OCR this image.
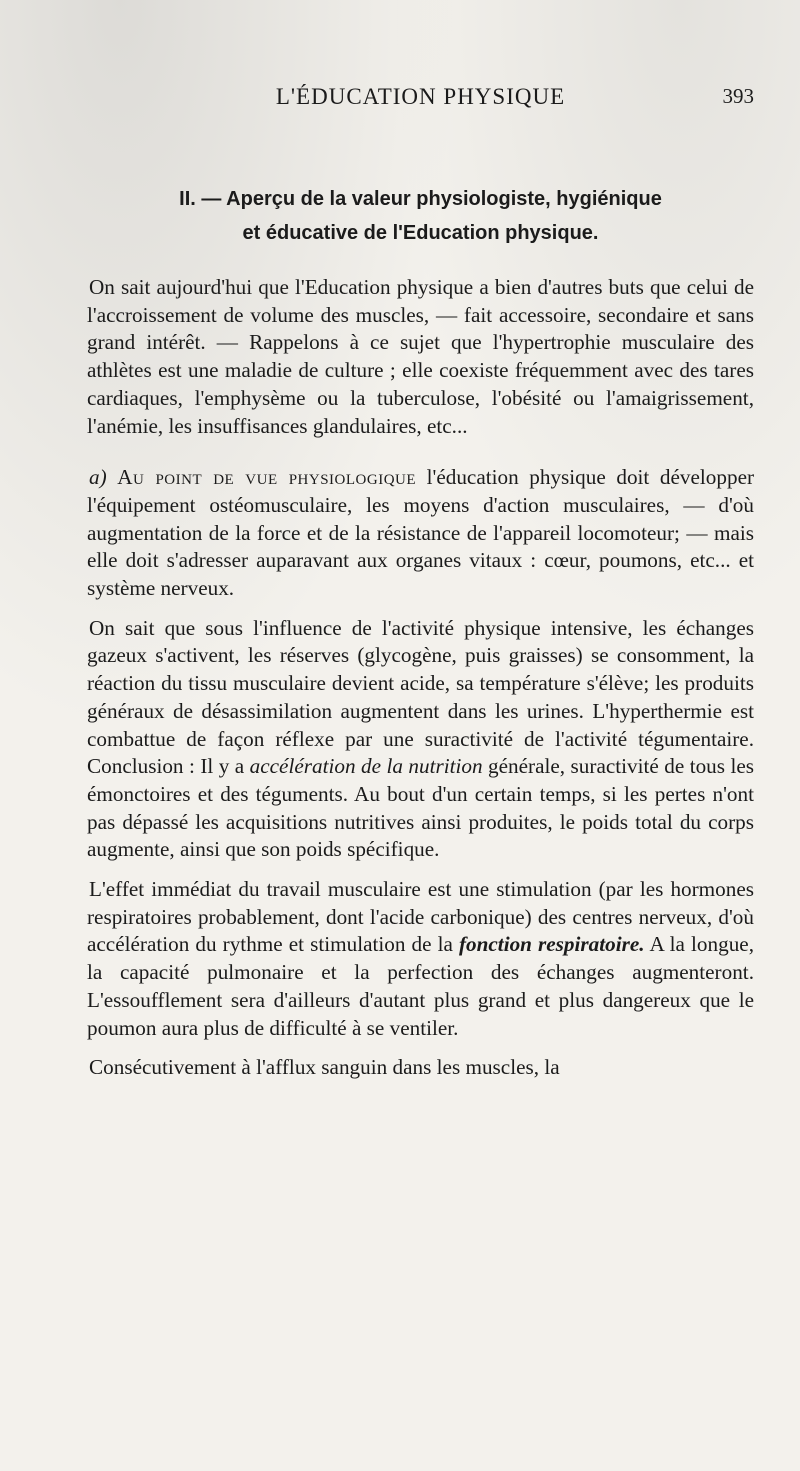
L'ÉDUCATION PHYSIQUE	393
II. — Aperçu de la valeur physiologiste, hygiénique
et éducative de l'Education physique.

On sait aujourd'hui que l'Education physique a bien d'autres buts que celui de l'accroissement de volume des muscles, — fait accessoire, secondaire et sans grand intérêt. — Rappelons à ce sujet que l'hypertrophie musculaire des athlètes est une maladie de culture ; elle coexiste fréquemment avec des tares cardiaques, l'emphysème ou la tuberculose, l'obésité ou l'amaigrissement, l'anémie, les insuffisances glandulaires, etc...

a) Au point de vue physiologique l'éducation physique doit développer l'équipement ostéomusculaire, les moyens d'action musculaires, — d'où augmentation de la force et de la résistance de l'appareil locomoteur; — mais elle doit s'adresser auparavant aux organes vitaux : cœur, poumons, etc... et système nerveux.

On sait que sous l'influence de l'activité physique intensive, les échanges gazeux s'activent, les réserves (glycogène, puis graisses) se consomment, la réaction du tissu musculaire devient acide, sa température s'élève; les produits généraux de désassimilation augmentent dans les urines. L'hyperthermie est combattue de façon réflexe par une suractivité de l'activité tégumentaire. Conclusion : Il y a accélération de la nutrition générale, suractivité de tous les émonctoires et des téguments. Au bout d'un certain temps, si les pertes n'ont pas dépassé les acquisitions nutritives ainsi produites, le poids total du corps augmente, ainsi que son poids spécifique.

L'effet immédiat du travail musculaire est une stimulation (par les hormones respiratoires probablement, dont l'acide carbonique) des centres nerveux, d'où accélération du rythme et stimulation de la fonction respiratoire. A la longue, la capacité pulmonaire et la perfection des échanges augmenteront. L'essoufflement sera d'ailleurs d'autant plus grand et plus dangereux que le poumon aura plus de difficulté à se ventiler.

Consécutivement à l'afflux sanguin dans les muscles, la
